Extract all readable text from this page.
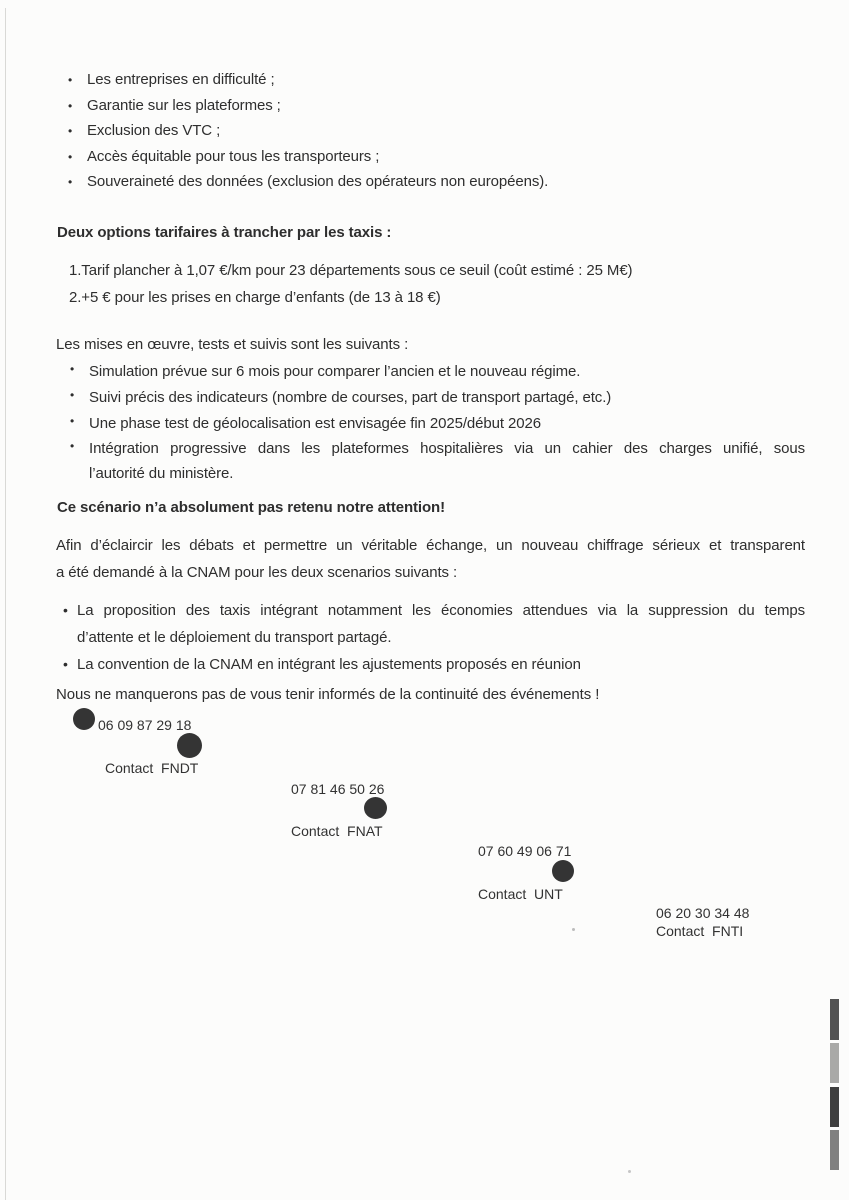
• Les entreprises en difficulté ;
• Garantie sur les plateformes ;
• Exclusion des VTC ;
• Accès équitable pour tous les transporteurs ;
• Souveraineté des données (exclusion des opérateurs non européens).
Deux options tarifaires à trancher par les taxis :
1.Tarif plancher à 1,07 €/km pour 23 départements sous ce seuil (coût estimé : 25 M€)
2.+5 € pour les prises en charge d’enfants (de 13 à 18 €)
Les mises en œuvre, tests et suivis sont les suivants :
• Simulation prévue sur 6 mois pour comparer l’ancien et le nouveau régime.
• Suivi précis des indicateurs (nombre de courses, part de transport partagé, etc.)
• Une phase test de géolocalisation est envisagée fin 2025/début 2026
• Intégration progressive dans les plateformes hospitalières via un cahier des charges unifié, sous
l’autorité du ministère.
Ce scénario n’a absolument pas retenu notre attention!
Afin d’éclaircir les débats et permettre un véritable échange, un nouveau chiffrage sérieux et transparent
a été demandé à la CNAM pour les deux scenarios suivants :
• La proposition des taxis intégrant notamment les économies attendues via la suppression du temps
d’attente et le déploiement du transport partagé.
• La convention de la CNAM en intégrant les ajustements proposés en réunion
Nous ne manquerons pas de vous tenir informés de la continuité des événements !
06 09 87 29 18
Contact  FNDT
07 81 46 50 26
Contact  FNAT
07 60 49 06 71
Contact  UNT
06 20 30 34 48
Contact  FNTI
